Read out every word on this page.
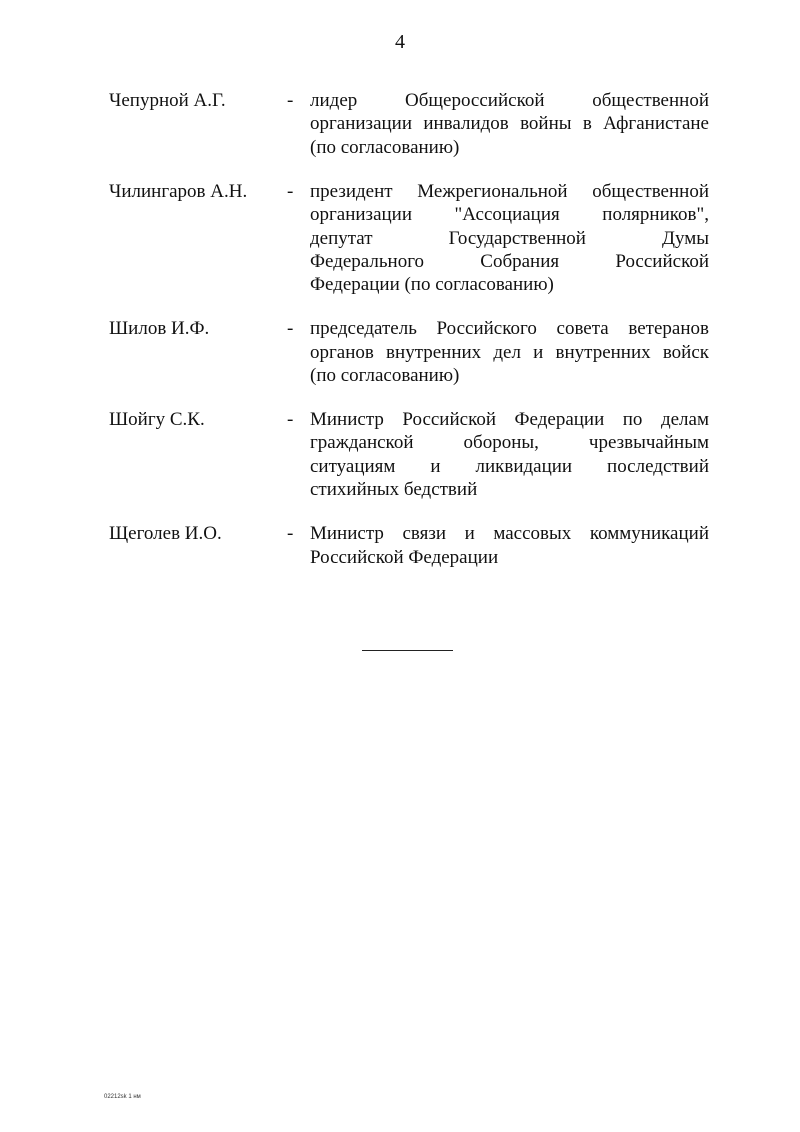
4
Чепурной А.Г.	- лидер Общероссийской общественной
организации инвалидов войны в Афганистане
(по согласованию)
Чилингаров А.Н.	- президент Межрегиональной общественной
организации "Ассоциация полярников",
депутат Государственной Думы
Федерального Собрания Российской
Федерации (по согласованию)
Шилов И.Ф.	- председатель Российского совета ветеранов
органов внутренних дел и внутренних войск
(по согласованию)
Шойгу С.К.	- Министр Российской Федерации по делам
гражданской обороны, чрезвычайным
ситуациям и ликвидации последствий
стихийных бедствий
Щеголев И.О.	- Министр связи и массовых коммуникаций
Российской Федерации
02212sk 1 нм
